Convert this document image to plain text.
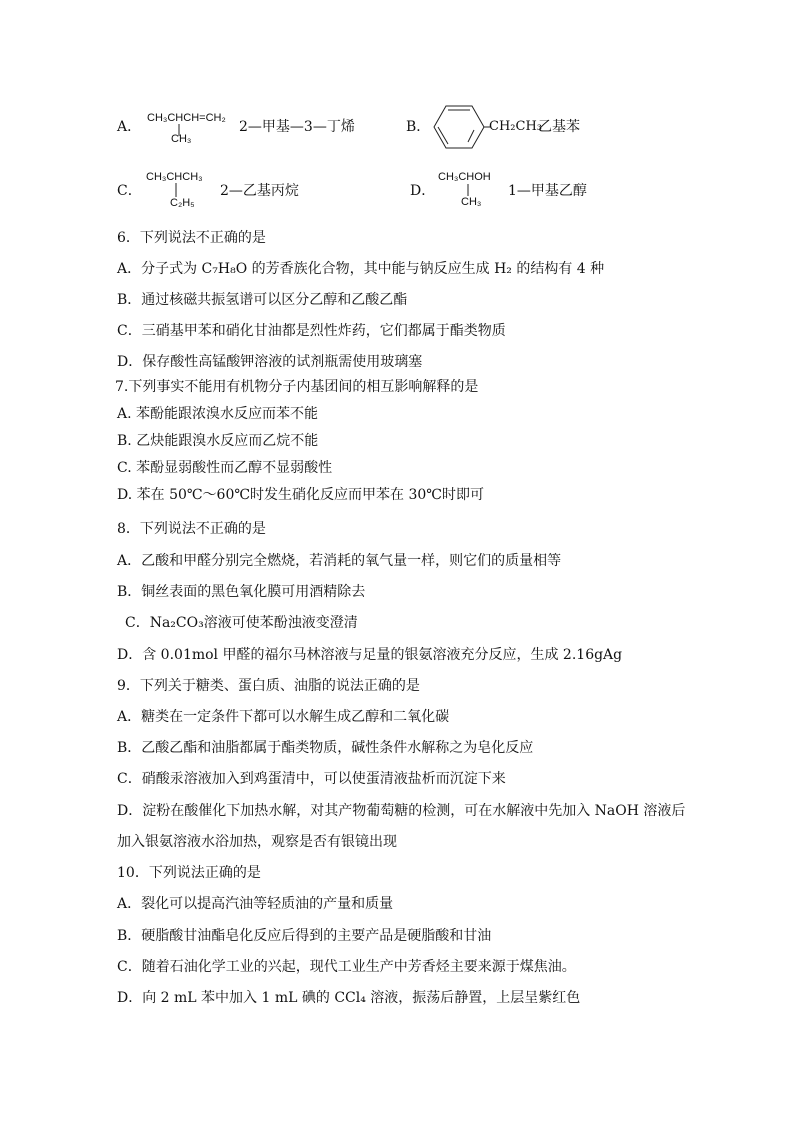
A．
CH₃CHCH=CH₂
CH₃
2—甲基—3—丁烯	B．	CH₂CH₃
乙基苯
C．
CH₃CHCH₃
C₂H₅
2—乙基丙烷	D．
CH₃CHOH
CH₃
1—甲基乙醇
6．下列说法不正确的是
A．分子式为 C₇H₈O 的芳香族化合物，其中能与钠反应生成 H₂ 的结构有 4 种
B．通过核磁共振氢谱可以区分乙醇和乙酸乙酯
C．三硝基甲苯和硝化甘油都是烈性炸药，它们都属于酯类物质
D．保存酸性高锰酸钾溶液的试剂瓶需使用玻璃塞
7.下列事实不能用有机物分子内基团间的相互影响解释的是
A. 苯酚能跟浓溴水反应而苯不能
B. 乙炔能跟溴水反应而乙烷不能
C. 苯酚显弱酸性而乙醇不显弱酸性
D. 苯在 50℃～60℃时发生硝化反应而甲苯在 30℃时即可
8．下列说法不正确的是
A．乙酸和甲醛分别完全燃烧，若消耗的氧气量一样，则它们的质量相等
B．铜丝表面的黑色氧化膜可用酒精除去
C．Na₂CO₃溶液可使苯酚浊液变澄清
D．含 0.01mol 甲醛的福尔马林溶液与足量的银氨溶液充分反应，生成 2.16gAg
9．下列关于糖类、蛋白质、油脂的说法正确的是
A．糖类在一定条件下都可以水解生成乙醇和二氧化碳
B．乙酸乙酯和油脂都属于酯类物质，碱性条件水解称之为皂化反应
C．硝酸汞溶液加入到鸡蛋清中，可以使蛋清液盐析而沉淀下来
D．淀粉在酸催化下加热水解，对其产物葡萄糖的检测，可在水解液中先加入 NaOH 溶液后
加入银氨溶液水浴加热，观察是否有银镜出现
10．下列说法正确的是
A．裂化可以提高汽油等轻质油的产量和质量
B．硬脂酸甘油酯皂化反应后得到的主要产品是硬脂酸和甘油
C．随着石油化学工业的兴起，现代工业生产中芳香烃主要来源于煤焦油。
D．向 2 mL 苯中加入 1 mL 碘的 CCl₄ 溶液，振荡后静置，上层呈紫红色
